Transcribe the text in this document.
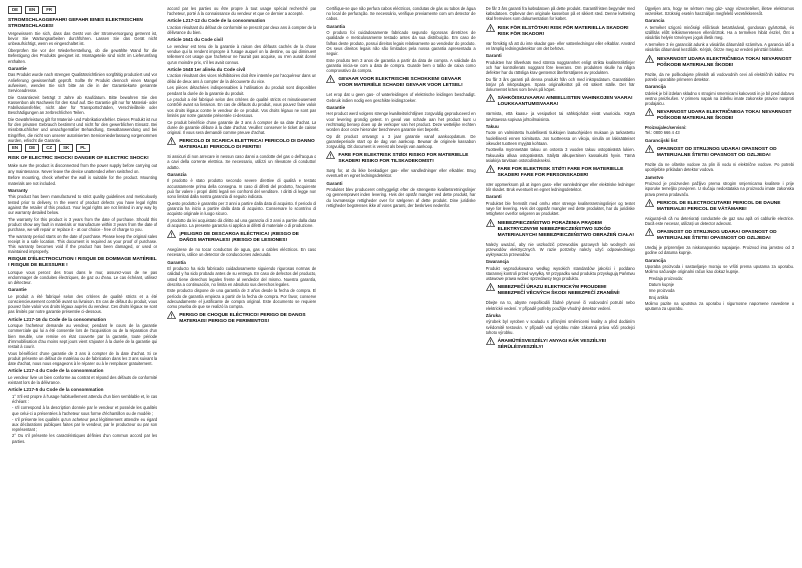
DE	EN	FR
STROMSCHLAGGEFAHR! GEFAHR EINES ELEKTRISCHEN STROMSCHLAGES!

Vergewissern Sie sich, dass das Gerät von der Stromversorgung getrennt ist, bevor Sie Wartungsarbeiten durchführen. Lassen Sie das Gerät nicht unbeaufsichtigt, wenn es eingeschaltet ist.

Überprüfen Sie vor der Wiederherstellung, ob die gewählte Wand für die Befestigung des Produkts geeignet ist. Montageteile sind nicht im Lieferumfang enthalten.

Garantie

Das Produkt wurde nach strengen Qualitätsrichtlinien sorgfältig produziert und vor Anlieferung gewissenhaft geprüft. Sollte Ihr Produkt dennoch einen Mangel aufweisen, wenden Sie sich bitte an die in der Garantiekarte genannte Serviceadresse.

Die Garantiezeit beträgt 3 Jahre ab Kaufdatum. Bitte bewahren Sie den Kassenbon als Nachweis für den Kauf auf. Die Garantie gilt nur für Material- oder Fabrikationsfehler, nicht aber für Transportschäden, Verschleißteile oder Beschädigungen an zerbrechlichen Teilen.

Die Gewährleistung gilt für Material- und Fabrikationsfehler. Dieses Produkt ist nur für den privaten Gebrauch bestimmt und nicht für den gewerblichen Einsatz. Bei missbräuchlicher und unsachgemäßer Behandlung, Gewaltanwendung und bei Eingriffen, die nicht von unserer autorisierten Serviceniederlassung vorgenommen wurden, erlischt die Garantie.

EN	DE	CZ	SK	PL
RISK OF ELECTRIC SHOCK! DANGER OF ELECTRIC SHOCK!

Make sure the product is disconnected from the power supply before carrying out any maintenance. Never leave the device unattended when switched on.

Before mounting, check whether the wall is suitable for the product. Mounting materials are not included.

Warranty

This product has been manufactured to strict quality guidelines and meticulously tested prior to delivery. In the event of product defects you have legal rights against the retailer of this product. Your legal rights are not limited in any way by our warranty detailed below.

The warranty for this product is 3 years from the date of purchase. Should this product show any fault in materials or manufacture within 3 years from the date of purchase, we will repair or replace it - at our choice - free of charge to you.

The warranty period starts on the date of purchase. Please keep the original sales receipt in a safe location. This document is required as your proof of purchase. This warranty becomes void if the product has been damaged, or used or maintained improperly.

RISQUE D'ÉLECTROCUTION ! RISQUE DE DOMMAGE MATÉRIEL ! RISQUE DE BLESSURE !

Lorsque vous percez des trous dans le mur, assurez-vous de ne pas endommager de conduites électriques, de gaz ou d'eau. Le cas échéant, utilisez un détecteur.

Garantie

Le produit a été fabriqué selon des critères de qualité stricts et a été consciencieusement contrôlé avant sa livraison. En cas de défaut du produit, vous pouvez faire valoir vos droits légaux auprès du vendeur. Ces droits légaux ne sont pas limités par notre garantie présentée ci-dessous.

Article L217-16 du Code de la consommation

Lorsque l'acheteur demande au vendeur, pendant le cours de la garantie commerciale qui lui a été consentie lors de l'acquisition ou de la réparation d'un bien meuble, une remise en état couverte par la garantie, toute période d'immobilisation d'au moins sept jours vient s'ajouter à la durée de la garantie qui restait à courir.

Vous bénéficiez d'une garantie de 3 ans à compter de la date d'achat. Si ce produit présente un défaut de matériau ou de fabrication dans les 3 ans suivant la date d'achat, nous nous engageons à le réparer ou à le remplacer gratuitement.

Article L217-4 du Code de la consommation

Le vendeur livre un bien conforme au contrat et répond des défauts de conformité existant lors de la délivrance.

Article L217-5 du Code de la consommation

1° S'il est propre à l'usage habituellement attendu d'un bien semblable et, le cas échéant :

- s'il correspond à la description donnée par le vendeur et possède les qualités que celui-ci a présentées à l'acheteur sous forme d'échantillon ou de modèle ;

- s'il présente les qualités qu'un acheteur peut légitimement attendre eu égard aux déclarations publiques faites par le vendeur, par le producteur ou par son représentant ;

2° Ou s'il présente les caractéristiques définies d'un commun accord par les parties.

accord par les parties ou être propre à tout usage spécial recherché par l'acheteur, porté à la connaissance du vendeur et que ce dernier a accepté.

Article L217-12 du Code de la consommation

L'action résultant du défaut de conformité se prescrit par deux ans à compter de la délivrance du bien.

Article 1641 du Code civil

Le vendeur est tenu de la garantie à raison des défauts cachés de la chose vendue qui la rendent impropre à l'usage auquel on la destine, ou qui diminuent tellement cet usage que l'acheteur ne l'aurait pas acquise, ou n'en aurait donné qu'un moindre prix, s'il les avait connus.

Article 1648 1er alinéa du Code civil

L'action résultant des vices rédhibitoires doit être intentée par l'acquéreur dans un délai de deux ans à compter de la découverte du vice.

Les pièces détachées indispensables à l'utilisation du produit sont disponibles pendant la durée de la garantie du produit.

Le produit a été fabriqué selon des critères de qualité stricts et minutieusement contrôlé avant sa livraison. En cas de défauts du produit, vous pouvez faire valoir vos droits légaux contre le vendeur de ce produit. Vos droits légaux ne sont pas limités par notre garantie présentée ci-dessous.

Ce produit bénéficie d'une garantie de 3 ans à compter de sa date d'achat. La durée de garantie débute à la date d'achat. Veuillez conserver le ticket de caisse original. Il vous sera demandé comme preuve d'achat.

PERICOLO DI SCARICA ELETTRICA! PERICOLO DI DANNO MATERIALE! PERICOLO DI FERITE!

Si assicuri di non arrecare in nessun caso danni a condotte del gas o dell'acqua o a cavi della corrente elettrica. Se necessario, utilizzi un rilevatore di conduttori adatto.

Garanzia

Il prodotto è stato prodotto secondo severe direttive di qualità e testato accuratamente prima della consegna. In caso di difetti del prodotto, l'acquirente può far valere i propri diritti legali nei confronti del venditore. I diritti di legge non sono limitati dalla nostra garanzia di seguito indicata.

Questo prodotto è garantito per 3 anni a partire dalla data di acquisto. Il periodo di garanzia ha inizio a partire dalla data di acquisto. Conservare lo scontrino di acquisto originale in luogo sicuro.

Il prodotto da lei acquistato dà diritto ad una garanzia di 3 anni a partire dalla data di acquisto. La presente garanzia si applica ai difetti di materiale o di produzione.

¡PELIGRO DE DESCARGA ELÉCTRICA! ¡RIESGO DE DAÑOS MATERIALES! ¡RIESGO DE LESIONES!

Asegúrese de no tocar conductos de agua, gas o cables eléctricos. En caso necesario, utilice un detector de conducciones adecuado.

Garantía

El producto ha sido fabricado cuidadosamente siguiendo rigurosas normas de calidad y ha sido probado antes de su entrega. En caso de defectos del producto, usted tiene derechos legales frente al vendedor del mismo. Nuestra garantía, descrita a continuación, no limita en absoluto sus derechos legales.

Este producto dispone de una garantía de 3 años desde la fecha de compra. El período de garantía empieza a partir de la fecha de compra. Por favor, conserve adecuadamente el justificante de compra original. Este documento se requiere como prueba de que se realizó la compra.

PERIGO DE CHOQUE ELÉCTRICO! PERIGO DE DANOS MATERIAIS! PERIGO DE FERIMENTOS!

Certifique-se que não perfura cabos eléctricos, condutas de gás ou tubos de água no local de perfuração. Se necessário, verifique previamente com um detector de cabos.

Garantia

O produto foi cuidadosamente fabricado segundo rigorosas diretrizes de qualidade e meticulosamente testado antes da sua distribuição. Em caso de falhas deste produto, possui direitos legais relativamente ao vendedor do produto. Os seus direitos legais não são limitados pela nossa garantia apresentada a seguir.

Este produto tem 3 anos de garantia a partir da data de compra. A validade da garantia inicia-se com a data de compra. Guarde bem o talão de caixa como comprovativo da compra.

GEVAAR VOOR ELEKTRISCHE SCHOKKEN! GEVAAR VOOR MATERIËLE SCHADE! GEVAAR VOOR LETSEL!

Let erop dat u geen gas- of waterleidingen of elektrische leidingen beschadigt. Gebruik indien nodig een geschikte leidingzoeker.

Garantie

Het product werd volgens strenge kwaliteitsrichtlijnen zorgvuldig geproduceerd en voor levering grondig getest. In geval van schade aan het product kunt u rechtmatig beroep doen op de verkoper van het product. Deze wettelijke rechten worden door onze hieronder beschreven garantie niet beperkt.

Op dit product ontvangt u 3 jaar garantie vanaf aankoopdatum. De garantieperiode start op de dag van aankoop. Bewaar de originele kassabon zorgvuldig. Dit document is vereist als bewijs van aankoop.

FARE FOR ELEKTRISK STØD! RISIKO FOR MATERIELLE SKADER! RISIKO FOR TILSKADEKOMST!

Sørg for, at du ikke beskadiger gas- eller vandledninger eller elkabler. Brug eventuelt en egnet ledningsdetektor.

Garanti

Produktet blev produceret omhyggeligt efter de strengeste kvalitetsretningslinjer og gennemprøvet inden levering. Hvis der opstår mangler ved dette produkt, har du lovmæssige rettigheder over for sælgeren af dette produkt. Dine juridiske rettigheder begrænses ikke af vores garanti, der beskrives nedenfor.

De får 3 års garanti fra købsdatoen på dette produkt. Garantifristen begynder med købsdatoen. Opbevar den originale kassebon på et sikkert sted. Denne kvittering skal fremvises som dokumentation for købet.

RISK FÖR ELSTÖTAR! RISK FÖR MATERIELLA SKADOR! RISK FÖR SKADOR!

Var försiktig så att du inte skadar gas- eller vattenledningar eller elkablar. Använd en lämplig ledningsdetektor om det behövs.

Garanti

Produkten har tillverkats med största noggrannhet enligt strikta kvalitetsriktlinjer och har kontrollerats noggrant före leverans. Om produkten skulle ha några defekter har du rättsliga krav gentemot återförsäljaren av produkten.

Du får 3 års garanti på denna produkt från och med inköpsdatum. Garantitiden börjar på inköpsdagen. Spara originalkvittot på ett säkert ställe. Det här dokumentet krävs som bevis på köpet.

SÄHKÖISKUVAARA! AINEELLISTEN VAHINKOJEN VAARA! LOUKKAANTUMISVAARA!

Varmista, että kaasu- ja vesiputket tai sähköjohdot eivät vaurioidu. Käytä tarvittaessa sopivaa johtoilmaisinta.

Takuu

Tuote on valmistettu huolellisesti tiukkojen laatuohjeiden mukaan ja tarkastettu huolellisesti ennen toimitusta. Jos tuotteessa on vikoja, sinulla on lakisääteiset oikeudet tuotteen myyjää kohtaan.

Tuotteella myönnetään takuu on ostosta 3 vuoden takuu ostopäivästä lukien. Takuuaika alkaa ostopäivästä. Säilytä alkuperäinen kassakuitti hyvin. Tämä asiakirja tarvitaan ostotodistukseksi.

FARE FOR ELEKTRISK STØT! FARE FOR MATERIELLE SKADER! FARE FOR PERSONSKADER!

Vær oppmerksom på at ingen gass- eller vannledninger eller elektriske ledninger blir skadet. Bruk eventuelt en egnet ledningsdetektor.

Garanti

Produktet ble fremstilt med omhu etter strenge kvalitetsretningslinjer og testet nøye før levering. Hvis det oppstår mangler ved dette produktet, har du juridiske rettigheter overfor selgeren av produktet.

NIEBEZPIECZEŃSTWO PORAŻENIA PRĄDEM ELEKTRYCZNYM! NIEBEZPIECZEŃSTWO SZKÓD MATERIALNYCH! NIEBEZPIECZEŃSTWO OBRAŻEŃ CIAŁA!

Należy uważać, aby nie uszkodzić przewodów gazowych lub wodnych ani przewodów elektrycznych. W razie potrzeby należy użyć odpowiedniego wykrywacza przewodów.

Gwarancja

Produkt wyprodukowano według wysokich standardów jakości i poddano starannej kontroli przed wysyłką. W przypadku wad produktu przysługują Państwu ustawowe prawa wobec sprzedawcy tego produktu.

NEBEZPEČÍ ÚRAZU ELEKTRICKÝM PROUDEM! NEBEZPEČÍ VĚCNÝCH ŠKOD! NEBEZPEČÍ ZRANĚNÍ!

Dbejte na to, abyste nepoškodili žádné plynové či vodovodní potrubí nebo elektrické vedení. V případě potřeby použijte vhodný detektor vedení.

Záruka

Výrobek byl vyroben v souladu s přísnými směrnicemi kvality a před dodáním svědomitě testován. V případě vad výrobku máte zákonná práva vůči prodejci tohoto výrobku.

ÁRAMÜTÉSVESZÉLY! ANYAGI KÁR VESZÉLYE! SÉRÜLÉSVESZÉLY!

Ügyeljen arra, hogy ne sértsen meg gáz- vagy vízvezetéket, illetve elektromos vezetéket. Szükség esetén használjon megfelelő vezetékkeresőt.

Garancia

A terméket szigorú minőségi előírások betartásával, gondosan gyártottuk, és szállítás előtt lelkiismeretesen ellenőriztük. Ha a terméken hibát észlel, Önt a vásárlás helyén törvényes jogok illetik meg.

A termékre 3 év garanciát adunk a vásárlás dátumától számítva. A garancia idő a vásárlás dátumával kezdődik. Kérjük, őrizze meg az eredeti pénztári blokkot.

NEVARNOST UDARA ELEKTRIČNEGA TOKA! NEVARNOST POŠKODB MATERIALNE ŠKODE!

Pazite, da ne poškodujete plinskih ali vodovodnih cevi ali električnih kablov. Po potrebi uporabite primeren detektor.

Garancija

Izdelek je bil izdelan skladno s strogimi smernicami kakovosti in je bil pred dobavo vestno preizkušen. V primeru napak na izdelku imate zakonske pravice nasproti prodajalcu.

NEVARNOST UDARA ELEKTRIČNEGA TOKA! NEVARNOST POŠKODB MATERIALNE ŠKODE!
Proizvajalec/servisni:
Tel.: 0800 666 4 43
Garancijski list
OPASNOST OD STRUJNOG UDARA! OPASNOST OD MATERIJALNE ŠTETE! OPASNOST OD OZLJEDA!

Pazite da ne oštetite vodove za plin ili vodu ni električne vodove. Po potrebi upotrijebite prikladan detektor vodova.

Jamstvo

Proizvod je proizveden pažljivo prema strogim smjernicama kvalitete i prije isporuke temeljito provjeren. U slučaju nedostataka na proizvodu imate zakonska prava prema prodavaču.

PERICOL DE ELECTROCUTARE! PERICOL DE DAUNE MATERIALE! PERICOL DE VĂTĂMARE!

Asigurați-vă că nu deteriorați conductele de gaz sau apă ori cablurile electrice. Dacă este necesar, utilizați un detector adecvat.

OPASNOST OD STRUJNOG UDARA! OPASNOST OD MATERIJALNE ŠTETE! OPASNOST OD OZLJEDA!

Uređaj je pripremljen za niskonaponsko napajanje. Proizvod ima jamstvo od 3 godine od datuma kupnje.

Garancija

Uporaba proizvoda i sastavljanje moraju se vršiti prema uputama za uporabu. Molimo sačuvajte originalni račun kao dokaz kupnje.

Predaja proizvoda:

Datum kupnje

Ime proizvoda

Broj artikla

Molimo pazite na uputstva za uporabu i sigurnosne napomene navedene u uputama za uporabu.
